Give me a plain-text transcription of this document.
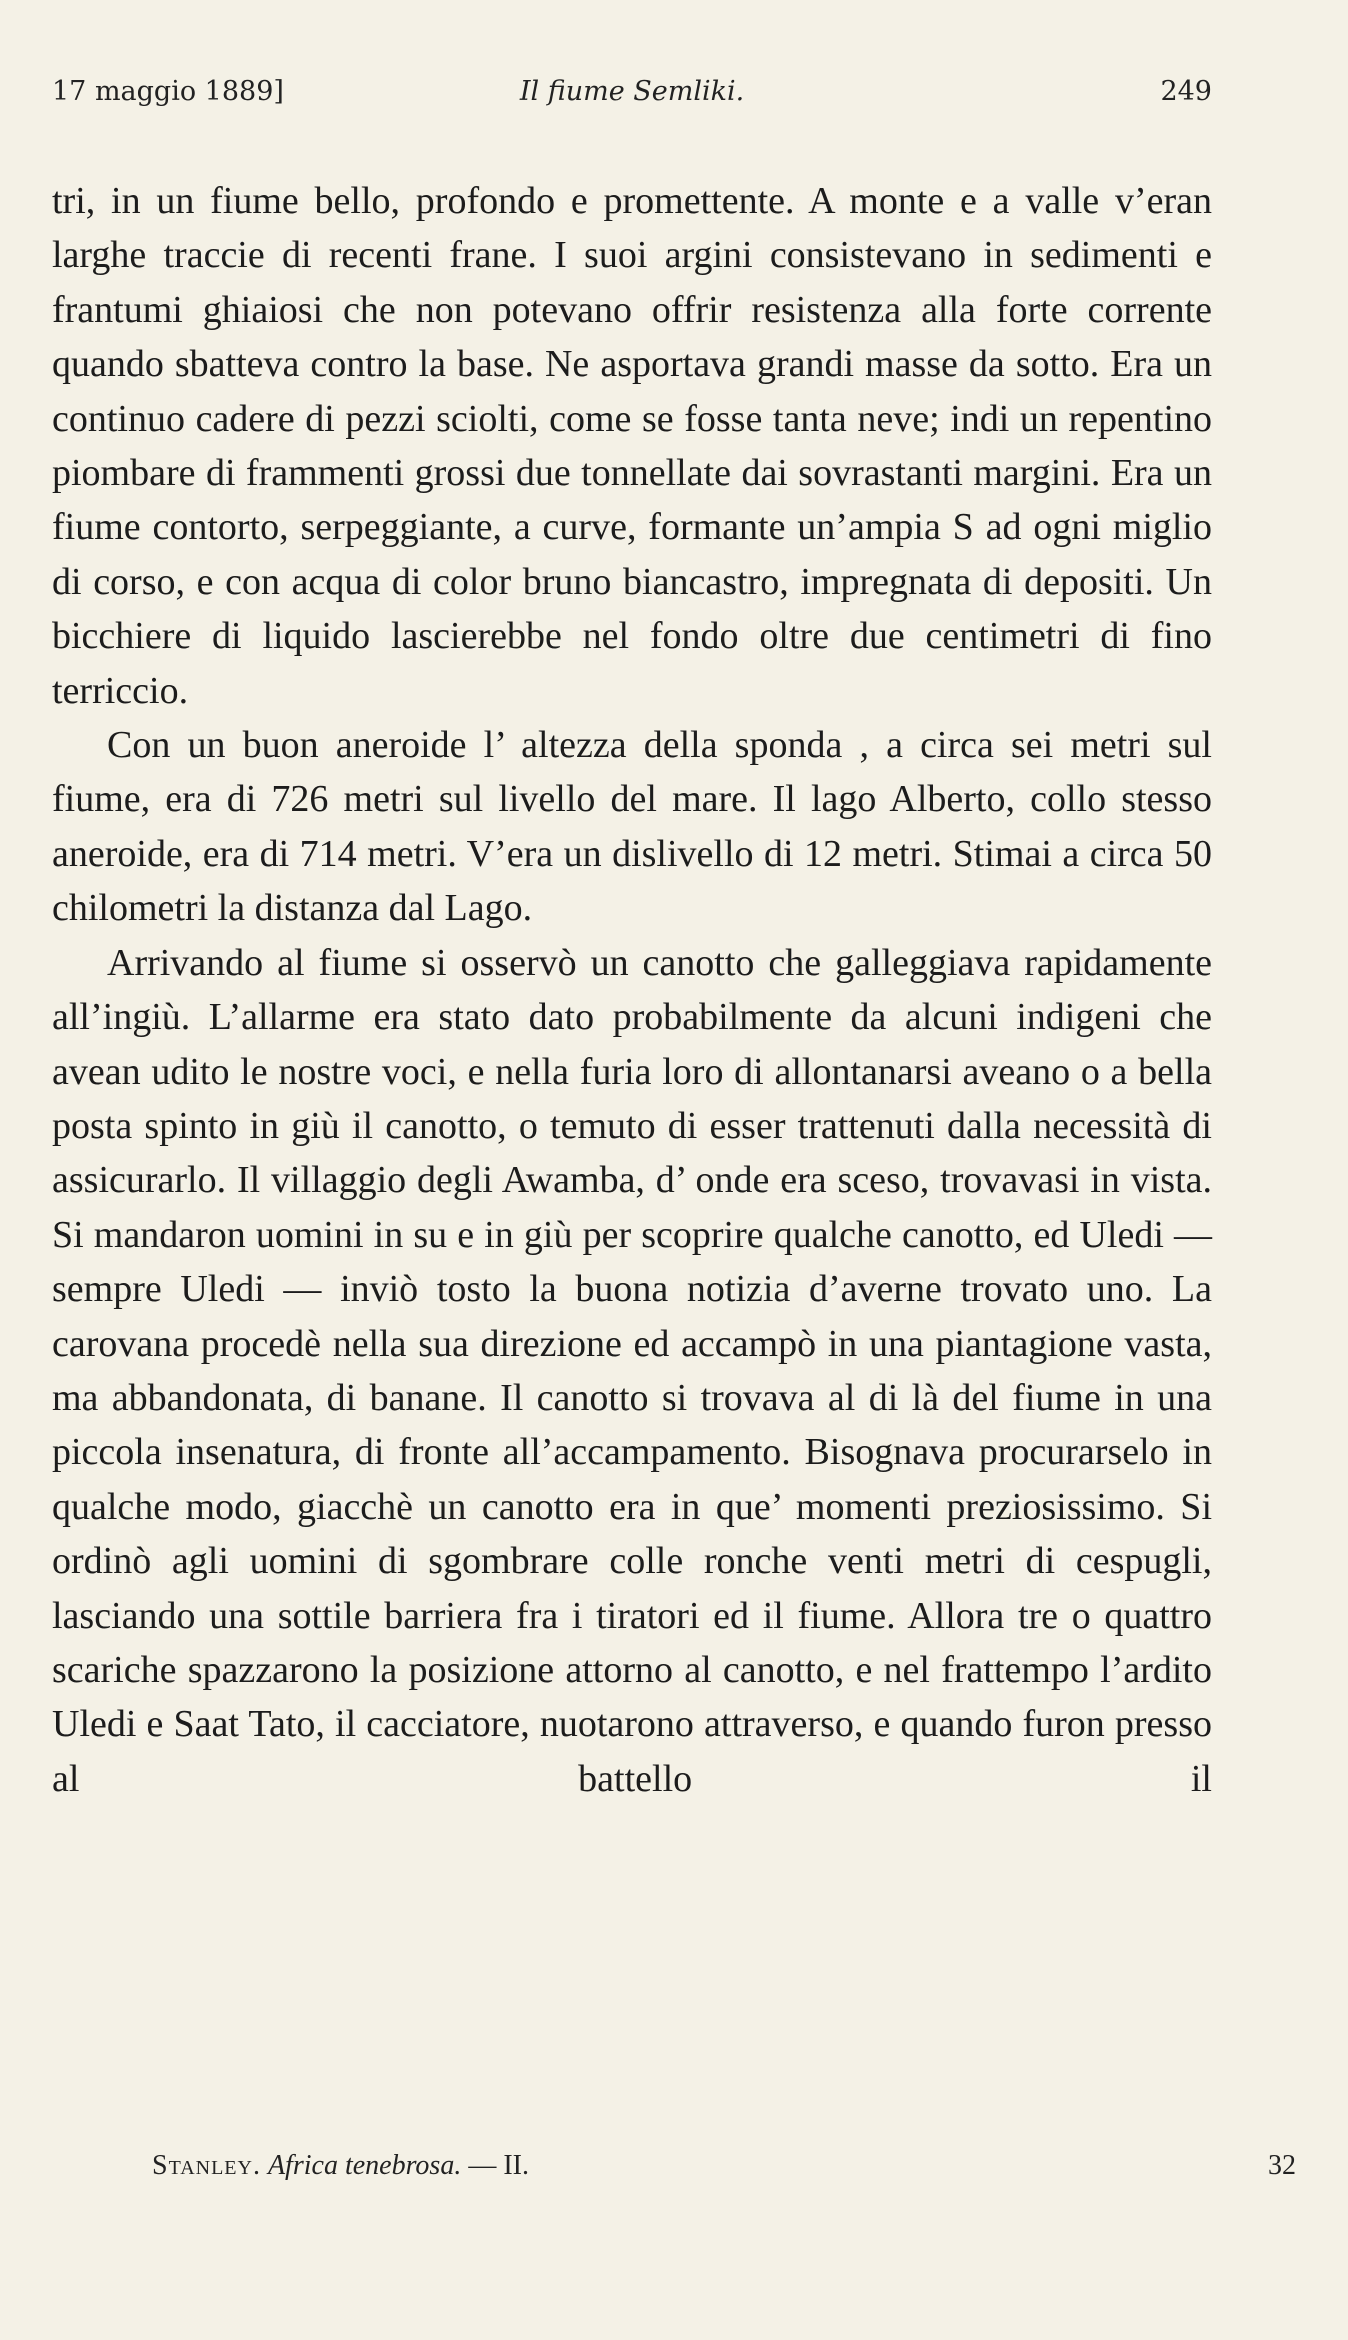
17 maggio 1889]	Il fiume Semliki.	249

tri, in un fiume bello, profondo e promettente. A monte e a valle v’eran larghe traccie di recenti frane. I suoi argini consistevano in sedimenti e frantumi ghiaiosi che non potevano offrir resistenza alla forte corrente quando sbatteva contro la base. Ne asportava grandi masse da sotto. Era un continuo cadere di pezzi sciolti, come se fosse tanta neve; indi un repentino piombare di frammenti grossi due tonnellate dai sovrastanti margini. Era un fiume contorto, serpeggiante, a curve, formante un’ampia S ad ogni miglio di corso, e con acqua di color bruno biancastro, impregnata di depositi. Un bicchiere di liquido lascierebbe nel fondo oltre due centimetri di fino terriccio.

Con un buon aneroide l’ altezza della sponda , a circa sei metri sul fiume, era di 726 metri sul livello del mare. Il lago Alberto, collo stesso aneroide, era di 714 metri. V’era un dislivello di 12 metri. Stimai a circa 50 chilometri la distanza dal Lago.

Arrivando al fiume si osservò un canotto che galleggiava rapidamente all’ingiù. L’allarme era stato dato probabilmente da alcuni indigeni che avean udito le nostre voci, e nella furia loro di allontanarsi aveano o a bella posta spinto in giù il canotto, o temuto di esser trattenuti dalla necessità di assicurarlo. Il villaggio degli Awamba, d’ onde era sceso, trovavasi in vista. Si mandaron uomini in su e in giù per scoprire qualche canotto, ed Uledi — sempre Uledi — inviò tosto la buona notizia d’averne trovato uno. La carovana procedè nella sua direzione ed accampò in una piantagione vasta, ma abbandonata, di banane. Il canotto si trovava al di là del fiume in una piccola insenatura, di fronte all’accampamento. Bisognava procurarselo in qualche modo, giacchè un canotto era in que’ momenti preziosissimo. Si ordinò agli uomini di sgombrare colle ronche venti metri di cespugli, lasciando una sottile barriera fra i tiratori ed il fiume. Allora tre o quattro scariche spazzarono la posizione attorno al canotto, e nel frattempo l’ardito Uledi e Saat Tato, il cacciatore, nuotarono attraverso, e quando furon presso al battello il

Stanley. Africa tenebrosa. — II.	32
